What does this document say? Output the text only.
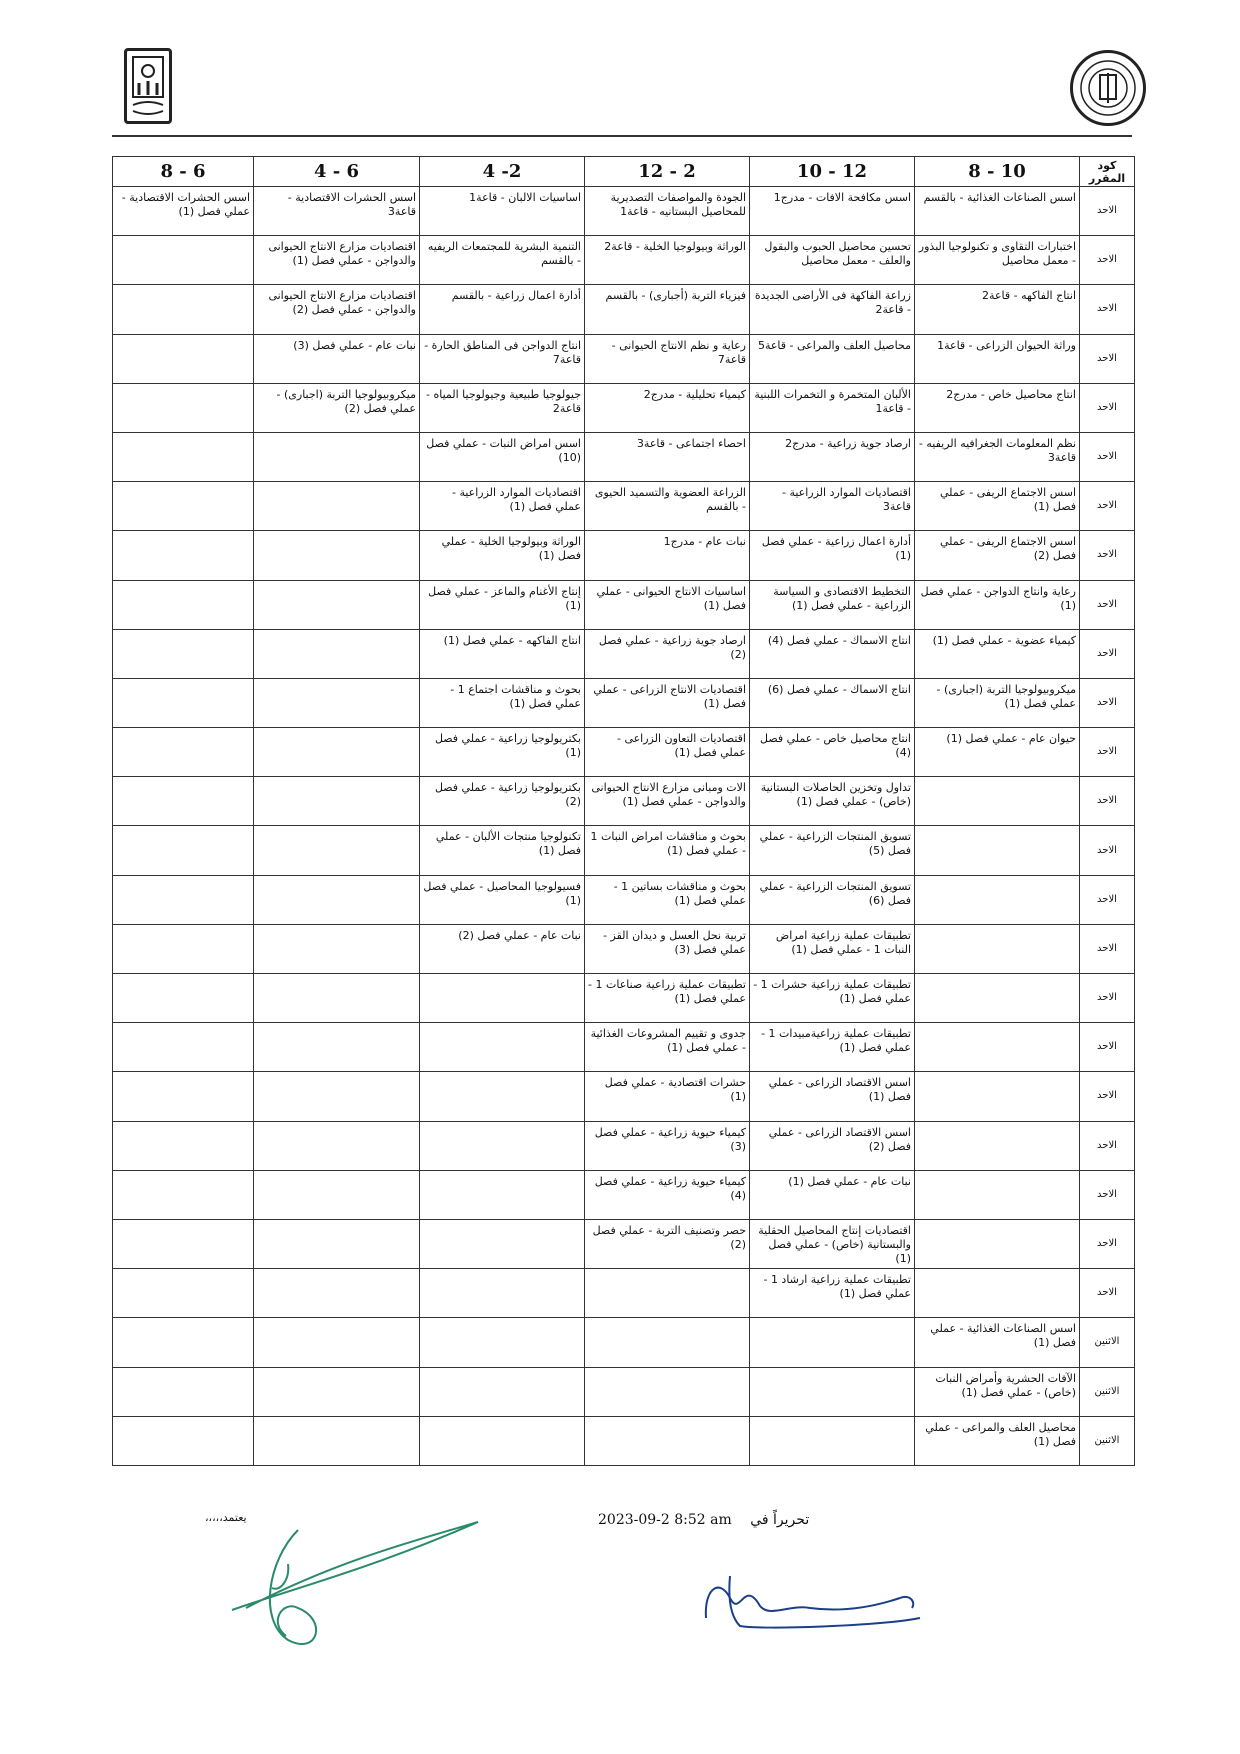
كود المقرر	10 - 8	12 - 10	2 - 12	2- 4	6 - 4	6 - 8
الاحد	اسس الصناعات الغذائية - بالقسم	اسس مكافحة الافات - مدرج1	الجودة والمواصفات التصديرية للمحاصيل البستانيه - قاعة1	اساسيات الالبان - قاعة1	اسس الحشرات الاقتصادية - قاعة3	اسس الحشرات الاقتصادية - عملي فصل (1)
الاحد	اختبارات التقاوى و تكنولوجيا البذور - معمل محاصيل	تحسين محاصيل الحبوب والبقول والعلف - معمل محاصيل	الوراثة وبيولوجيا الخلية - قاعة2	التنمية البشرية للمجتمعات الريفيه - بالقسم	اقتصاديات مزارع الانتاج الحيوانى والدواجن - عملي فصل (1)	
الاحد	انتاج الفاكهه - قاعة2	زراعة الفاكهة فى الأراضى الجديدة - قاعة2	فيزياء التربة (أجبارى) - بالقسم	أدارة اعمال زراعية - بالقسم	اقتصاديات مزارع الانتاج الحيوانى والدواجن - عملي فصل (2)	
الاحد	وراثة الحيوان الزراعى - قاعة1	محاصيل العلف والمراعى - قاعة5	رعاية و نظم الانتاج الحيوانى - قاعة7	انتاج الدواجن فى المناطق الحارة - قاعة7	نبات عام - عملي فصل (3)	
الاحد	انتاج محاصيل خاص - مدرج2	الألبان المتخمرة و التخمرات اللبنية - قاعة1	كيمياء تحليلية - مدرج2	جيولوجيا طبيعية وجيولوجيا المياه - قاعة2	ميكروبيولوجيا التربة (اجبارى) - عملي فصل (2)	
الاحد	نظم المعلومات الجغرافيه الريفيه - قاعة3	ارصاد جوية زراعية - مدرج2	احصاء اجتماعى - قاعة3	اسس امراض النبات - عملي فصل (10)		
الاحد	اسس الاجتماع الريفى - عملي فصل (1)	اقتصاديات الموارد الزراعية - قاعة3	الزراعة العضوية والتسميد الحيوى - بالقسم	اقتصاديات الموارد الزراعية - عملي فصل (1)		
الاحد	اسس الاجتماع الريفى - عملي فصل (2)	أدارة اعمال زراعية - عملي فصل (1)	نبات عام - مدرج1	الوراثة وبيولوجيا الخلية - عملي فصل (1)		
الاحد	رعاية وانتاج الدواجن - عملي فصل (1)	التخطيط الاقتصادى و السياسة الزراعية - عملي فصل (1)	اساسيات الانتاج الحيوانى - عملي فصل (1)	إنتاج الأغنام والماعز - عملي فصل (1)		
الاحد	كيمياء عضوية - عملي فصل (1)	انتاج الاسماك - عملي فصل (4)	ارصاد جوية زراعية - عملي فصل (2)	انتاج الفاكهه - عملي فصل (1)		
الاحد	ميكروبيولوجيا التربة (اجبارى) - عملي فصل (1)	انتاج الاسماك - عملي فصل (6)	اقتصاديات الانتاج الزراعى - عملي فصل (1)	بحوث و مناقشات اجتماع 1 - عملي فصل (1)		
الاحد	حيوان عام - عملي فصل (1)	انتاج محاصيل خاص - عملي فصل (4)	اقتصاديات التعاون الزراعى - عملي فصل (1)	بكتريولوجيا زراعية - عملي فصل (1)		
الاحد		تداول وتخزين الحاصلات البستانية (خاص) - عملي فصل (1)	الات ومبانى مزارع الانتاج الحيوانى والدواجن - عملي فصل (1)	بكتريولوجيا زراعية - عملي فصل (2)		
الاحد		تسويق المنتجات الزراعية - عملي فصل (5)	بحوث و مناقشات امراض النبات 1 - عملي فصل (1)	تكنولوجيا منتجات الألبان - عملي فصل (1)		
الاحد		تسويق المنتجات الزراعية - عملي فصل (6)	بحوث و مناقشات بساتين 1 - عملي فصل (1)	فسيولوجيا المحاصيل - عملي فصل (1)		
الاحد		تطبيقات عملية زراعية امراض النبات 1 - عملي فصل (1)	تربية نحل العسل و ديدان القز - عملي فصل (3)	نبات عام - عملي فصل (2)		
الاحد		تطبيقات عملية زراعية حشرات 1 - عملي فصل (1)	تطبيقات عملية زراعية صناعات 1 - عملي فصل (1)			
الاحد		تطبيقات عملية زراعيةمبيدات 1 - عملي فصل (1)	جدوى و تقييم المشروعات الغذائية - عملي فصل (1)			
الاحد		اسس الاقتصاد الزراعى - عملي فصل (1)	حشرات اقتصادية - عملي فصل (1)			
الاحد		اسس الاقتصاد الزراعى - عملي فصل (2)	كيمياء حيوية زراعية - عملي فصل (3)			
الاحد		نبات عام - عملي فصل (1)	كيمياء حيوية زراعية - عملي فصل (4)			
الاحد		اقتصاديات إنتاج المحاصيل الحقلية والبستانية (خاص) - عملي فصل (1)	حصر وتصنيف التربة - عملي فصل (2)			
الاحد		تطبيقات عملية زراعية ارشاد 1 - عملي فصل (1)				
الاثنين	اسس الصناعات الغذائية - عملي فصل (1)					
الاثنين	الآفات الحشرية وأمراض النبات (خاص) - عملي فصل (1)					
الاثنين	محاصيل العلف والمراعى - عملي فصل (1)					
يعتمد،،،،،	تحريراً في 2023-09-2 8:52 am
